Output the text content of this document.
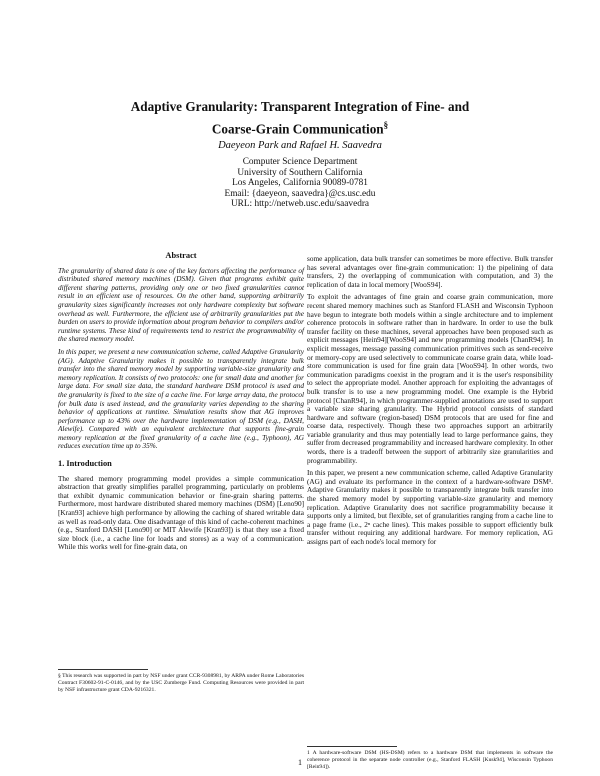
Adaptive Granularity: Transparent Integration of Fine- and
Coarse-Grain Communication§
Daeyeon Park and Rafael H. Saavedra
Computer Science Department
University of Southern California
Los Angeles, California 90089-0781
Email: {daeyeon, saavedra}@cs.usc.edu
URL: http://netweb.usc.edu/saavedra
Abstract

The granularity of shared data is one of the key factors affecting the performance of distributed shared memory machines (DSM). Given that programs exhibit quite different sharing patterns, providing only one or two fixed granularities cannot result in an efficient use of resources. On the other hand, supporting arbitrarily granularity sizes significantly increases not only hardware complexity but software overhead as well. Furthermore, the efficient use of arbitrarily granularities put the burden on users to provide information about program behavior to compilers and/or runtime systems. These kind of requirements tend to restrict the programmability of the shared memory model.

In this paper, we present a new communication scheme, called Adaptive Granularity (AG). Adaptive Granularity makes it possible to transparently integrate bulk transfer into the shared memory model by supporting variable-size granularity and memory replication. It consists of two protocols: one for small data and another for large data. For small size data, the standard hardware DSM protocol is used and the granularity is fixed to the size of a cache line. For large array data, the protocol for bulk data is used instead, and the granularity varies depending to the sharing behavior of applications at runtime. Simulation results show that AG improves performance up to 43% over the hardware implementation of DSM (e.g., DASH, Alewife). Compared with an equivalent architecture that supports fine-grain memory replication at the fixed granularity of a cache line (e.g., Typhoon), AG reduces execution time up to 35%.

1. Introduction

The shared memory programming model provides a simple communication abstraction that greatly simplifies parallel programming, particularly on problems that exhibit dynamic communication behavior or fine-grain sharing patterns. Furthermore, most hardware distributed shared memory machines (DSM) [Leno90][Kran93] achieve high performance by allowing the caching of shared writable data as well as read-only data. One disadvantage of this kind of cache-coherent machines (e.g., Stanford DASH [Leno90] or MIT Alewife [Kran93]) is that they use a fixed size block (i.e., a cache line for loads and stores) as a way of a communication. While this works well for fine-grain data, on

§ This research was supported in part by NSF under grant CCR-9308981, by ARPA under Rome Laboratories Contract F30602-91-C-0146, and by the USC Zumberge Fund. Computing Resources were provided in part by NSF infrastructure grant CDA-9216321.

some application, data bulk transfer can sometimes be more effective. Bulk transfer has several advantages over fine-grain communication: 1) the pipelining of data transfers, 2) the overlapping of communication with computation, and 3) the replication of data in local memory [WooS94].

To exploit the advantages of fine grain and coarse grain communication, more recent shared memory machines such as Stanford FLASH and Wisconsin Typhoon have begun to integrate both models within a single architecture and to implement coherence protocols in software rather than in hardware. In order to use the bulk transfer facility on these machines, several approaches have been proposed such as explicit messages [Hein94][WooS94] and new programming models [ChanR94]. In explicit messages, message passing communication primitives such as send-receive or memory-copy are used selectively to communicate coarse grain data, while load-store communication is used for fine grain data [WooS94]. In other words, two communication paradigms coexist in the program and it is the user's responsibility to select the appropriate model. Another approach for exploiting the advantages of bulk transfer is to use a new programming model. One example is the Hybrid protocol [ChanR94], in which programmer-supplied annotations are used to support a variable size sharing granularity. The Hybrid protocol consists of standard hardware and software (region-based) DSM protocols that are used for fine and coarse data, respectively. Though these two approaches support an arbitrarily variable granularity and thus may potentially lead to large performance gains, they suffer from decreased programmability and increased hardware complexity. In other words, there is a tradeoff between the support of arbitrarily size granularities and programmability.

In this paper, we present a new communication scheme, called Adaptive Granularity (AG) and evaluate its performance in the context of a hardware-software DSM¹. Adaptive Granularity makes it possible to transparently integrate bulk transfer into the shared memory model by supporting variable-size granularity and memory replication. Adaptive Granularity does not sacrifice programmability because it supports only a limited, but flexible, set of granularities ranging from a cache line to a page frame (i.e., 2ⁿ cache lines). This makes possible to support efficiently bulk transfer without requiring any additional hardware. For memory replication, AG assigns part of each node's local memory for

1 A hardware-software DSM (HS-DSM) refers to a hardware DSM that implements in software the coherence protocol in the separate node controller (e.g., Stanford FLASH [Kusk94], Wisconsin Typhoon [Rein94]).

1
